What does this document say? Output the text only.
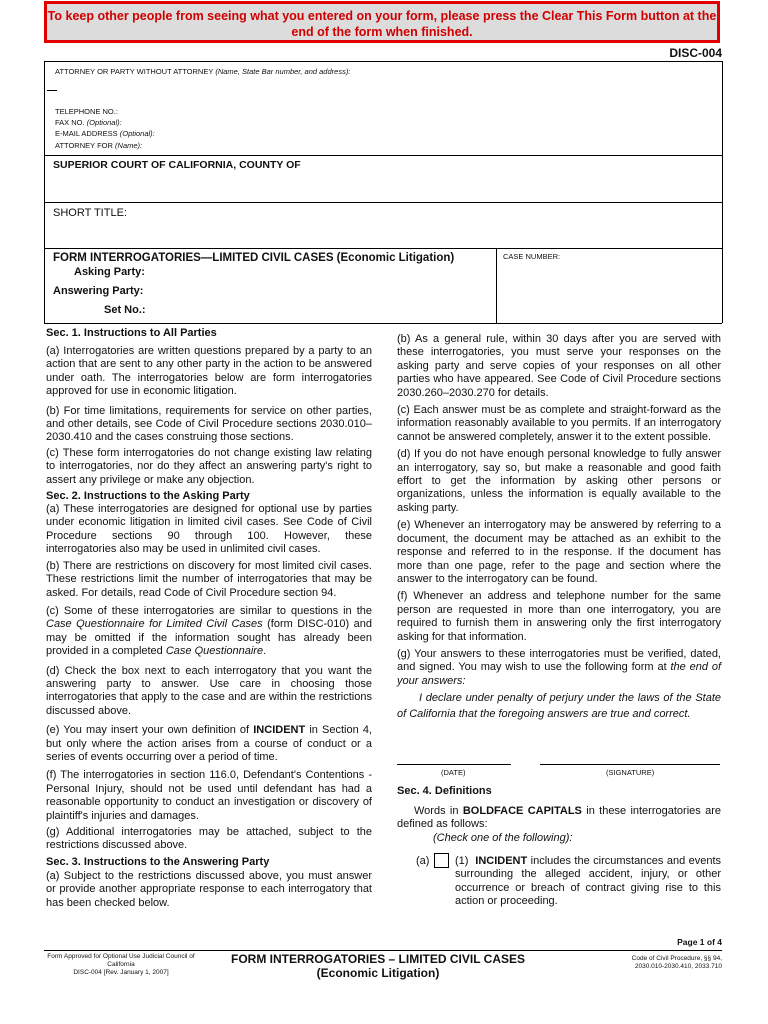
To keep other people from seeing what you entered on your form, please press the Clear This Form button at the end of the form when finished.
DISC-004
ATTORNEY OR PARTY WITHOUT ATTORNEY (Name, State Bar number, and address):
TELEPHONE NO.:
FAX NO. (Optional):
E-MAIL ADDRESS (Optional):
ATTORNEY FOR (Name):
SUPERIOR COURT OF CALIFORNIA, COUNTY OF
SHORT TITLE:
FORM INTERROGATORIES—LIMITED CIVIL CASES (Economic Litigation)
Asking Party:
Answering Party:
Set No.:
CASE NUMBER:
Sec. 1. Instructions to All Parties
(a) Interrogatories are written questions prepared by a party to an action that are sent to any other party in the action to be answered under oath. The interrogatories below are form interrogatories approved for use in economic litigation.
(b) For time limitations, requirements for service on other parties, and other details, see Code of Civil Procedure sections 2030.010–2030.410 and the cases construing those sections.
(c) These form interrogatories do not change existing law relating to interrogatories, nor do they affect an answering party's right to assert any privilege or make any objection.
Sec. 2. Instructions to the Asking Party
(a) These interrogatories are designed for optional use by parties under economic litigation in limited civil cases. See Code of Civil Procedure sections 90 through 100. However, these interrogatories also may be used in unlimited civil cases.
(b) There are restrictions on discovery for most limited civil cases. These restrictions limit the number of interrogatories that may be asked. For details, read Code of Civil Procedure section 94.
(c) Some of these interrogatories are similar to questions in the Case Questionnaire for Limited Civil Cases (form DISC-010) and may be omitted if the information sought has already been provided in a completed Case Questionnaire.
(d) Check the box next to each interrogatory that you want the answering party to answer. Use care in choosing those interrogatories that apply to the case and are within the restrictions discussed above.
(e) You may insert your own definition of INCIDENT in Section 4, but only where the action arises from a course of conduct or a series of events occurring over a period of time.
(f) The interrogatories in section 116.0, Defendant's Contentions - Personal Injury, should not be used until defendant has had a reasonable opportunity to conduct an investigation or discovery of plaintiff's injuries and damages.
(g) Additional interrogatories may be attached, subject to the restrictions discussed above.
Sec. 3. Instructions to the Answering Party
(a) Subject to the restrictions discussed above, you must answer or provide another appropriate response to each interrogatory that has been checked below.
(b) As a general rule, within 30 days after you are served with these interrogatories, you must serve your responses on the asking party and serve copies of your responses on all other parties who have appeared. See Code of Civil Procedure sections 2030.260–2030.270 for details.
(c) Each answer must be as complete and straight-forward as the information reasonably available to you permits. If an interrogatory cannot be answered completely, answer it to the extent possible.
(d) If you do not have enough personal knowledge to fully answer an interrogatory, say so, but make a reasonable and good faith effort to get the information by asking other persons or organizations, unless the information is equally available to the asking party.
(e) Whenever an interrogatory may be answered by referring to a document, the document may be attached as an exhibit to the response and referred to in the response. If the document has more than one page, refer to the page and section where the answer to the interrogatory can be found.
(f) Whenever an address and telephone number for the same person are requested in more than one interrogatory, you are required to furnish them in answering only the first interrogatory asking for that information.
(g) Your answers to these interrogatories must be verified, dated, and signed. You may wish to use the following form at the end of your answers:
I declare under penalty of perjury under the laws of the State of California that the foregoing answers are true and correct.
(DATE)	(SIGNATURE)
Sec. 4. Definitions
Words in BOLDFACE CAPITALS in these interrogatories are defined as follows:
(Check one of the following):
(a) (1) INCIDENT includes the circumstances and events surrounding the alleged accident, injury, or other occurrence or breach of contract giving rise to this action or proceeding.
Page 1 of 4
Form Approved for Optional Use Judicial Council of California
DISC-004 [Rev. January 1, 2007]
FORM INTERROGATORIES – LIMITED CIVIL CASES
(Economic Litigation)
Code of Civil Procedure, §§ 94,
2030.010-2030.410, 2033.710
